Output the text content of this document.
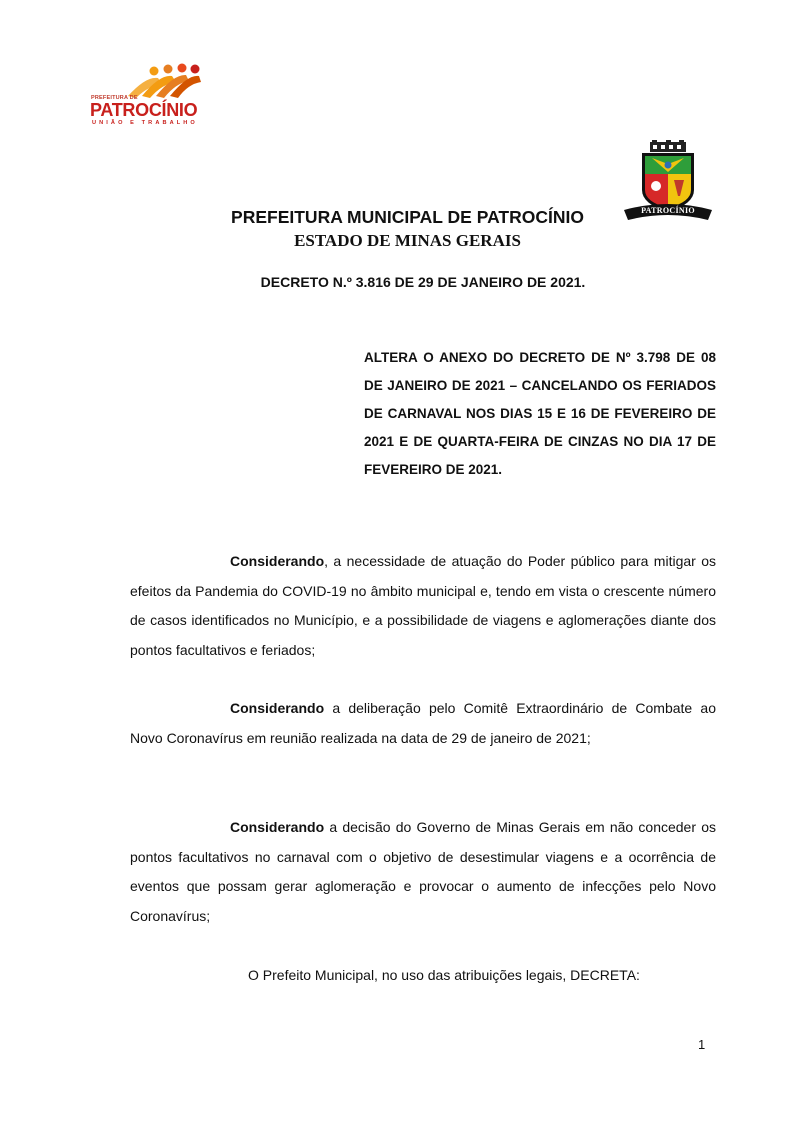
PREFEITURA DE
PATROCÍNIO
UNIÃO E TRABALHO
PATROCÍNIO
PREFEITURA MUNICIPAL DE PATROCÍNIO
ESTADO DE MINAS GERAIS
DECRETO N.º 3.816 DE 29 DE JANEIRO DE 2021.
ALTERA O ANEXO DO DECRETO DE Nº 3.798 DE 08 DE JANEIRO DE 2021 – CANCELANDO OS FERIADOS DE CARNAVAL NOS DIAS 15 E 16 DE FEVEREIRO DE 2021 E DE QUARTA-FEIRA DE CINZAS NO DIA 17 DE FEVEREIRO DE 2021.
Considerando, a necessidade de atuação do Poder público para mitigar os efeitos da Pandemia do COVID-19 no âmbito municipal e, tendo em vista o crescente número de casos identificados no Município, e a possibilidade de viagens e aglomerações diante dos pontos facultativos e feriados;
Considerando a deliberação pelo Comitê Extraordinário de Combate ao Novo Coronavírus em reunião realizada na data de 29 de janeiro de 2021;
Considerando a decisão do Governo de Minas Gerais em não conceder os pontos facultativos no carnaval com o objetivo de desestimular viagens e a ocorrência de eventos que possam gerar aglomeração e provocar o aumento de infecções pelo Novo Coronavírus;
O Prefeito Municipal, no uso das atribuições legais, DECRETA:
1
